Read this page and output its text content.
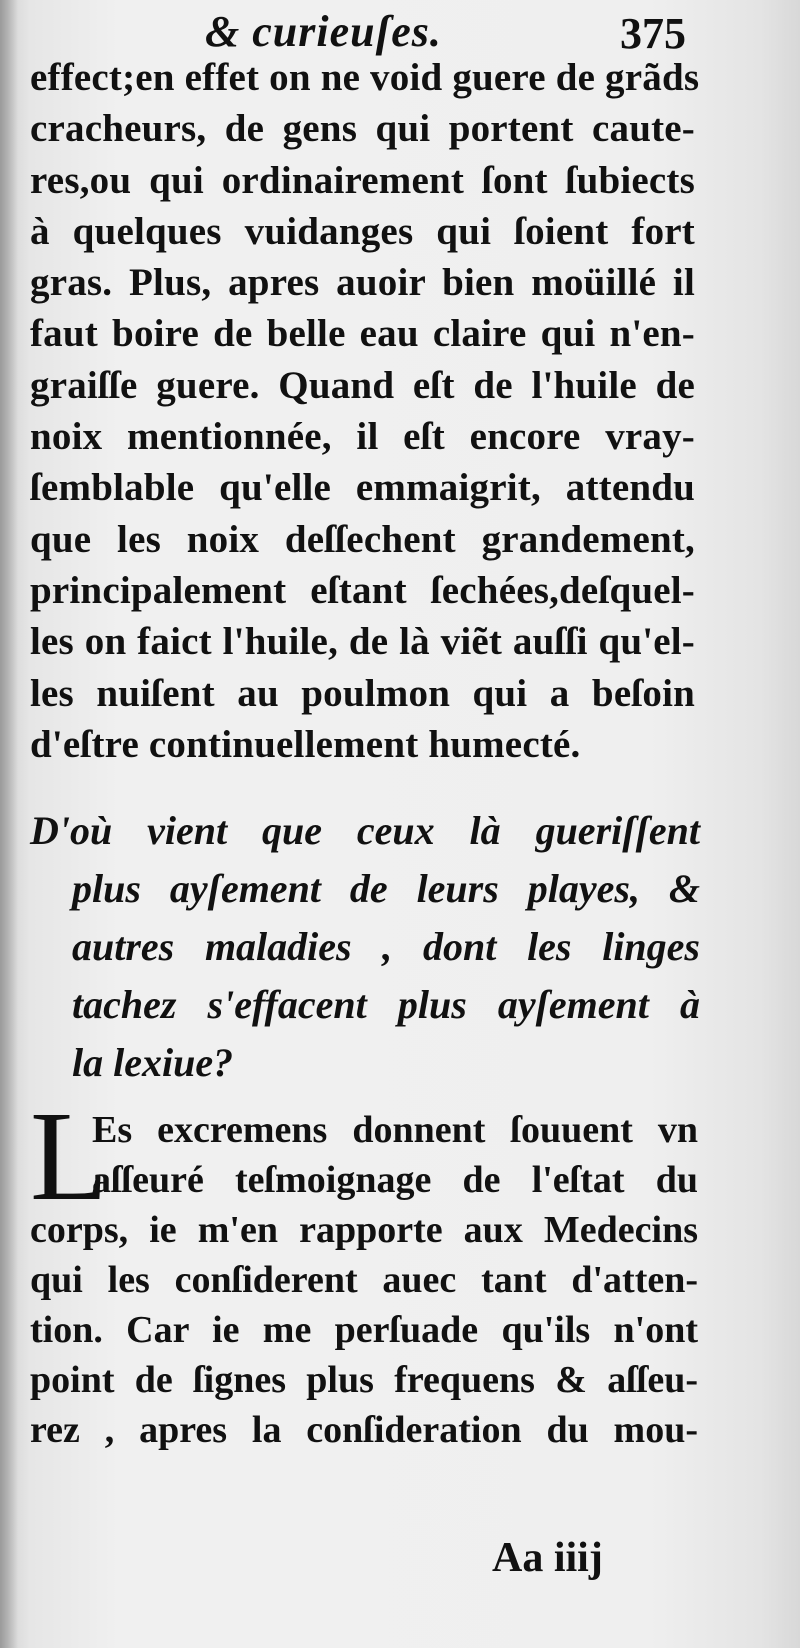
& curieuſes.	375
effect;en effet on ne void guere de grãds
cracheurs, de gens qui portent caute-
res,ou qui ordinairement ſont ſubiects
à quelques vuidanges qui ſoient fort
gras. Plus, apres auoir bien moüillé il
faut boire de belle eau claire qui n'en-
graiſſe guere. Quand eſt de l'huile de
noix mentionnée, il eſt encore vray-
ſemblable qu'elle emmaigrit, attendu
que les noix deſſechent grandement,
principalement eſtant ſechées,deſquel-
les on faict l'huile, de là viẽt auſſi qu'el-
les nuiſent au poulmon qui a beſoin
d'eſtre continuellement humecté.
D'où vient que ceux là gueriſſent
plus ayſement de leurs playes, &
autres maladies , dont les linges
tachez s'effacent plus ayſement à
la lexiue?
L
Es excremens donnent ſouuent vn
aſſeuré teſmoignage de l'eſtat du
corps, ie m'en rapporte aux Medecins
qui les conſiderent auec tant d'atten-
tion. Car ie me perſuade qu'ils n'ont
point de ſignes plus frequens & aſſeu-
rez , apres la conſideration du mou-
Aa iiij
